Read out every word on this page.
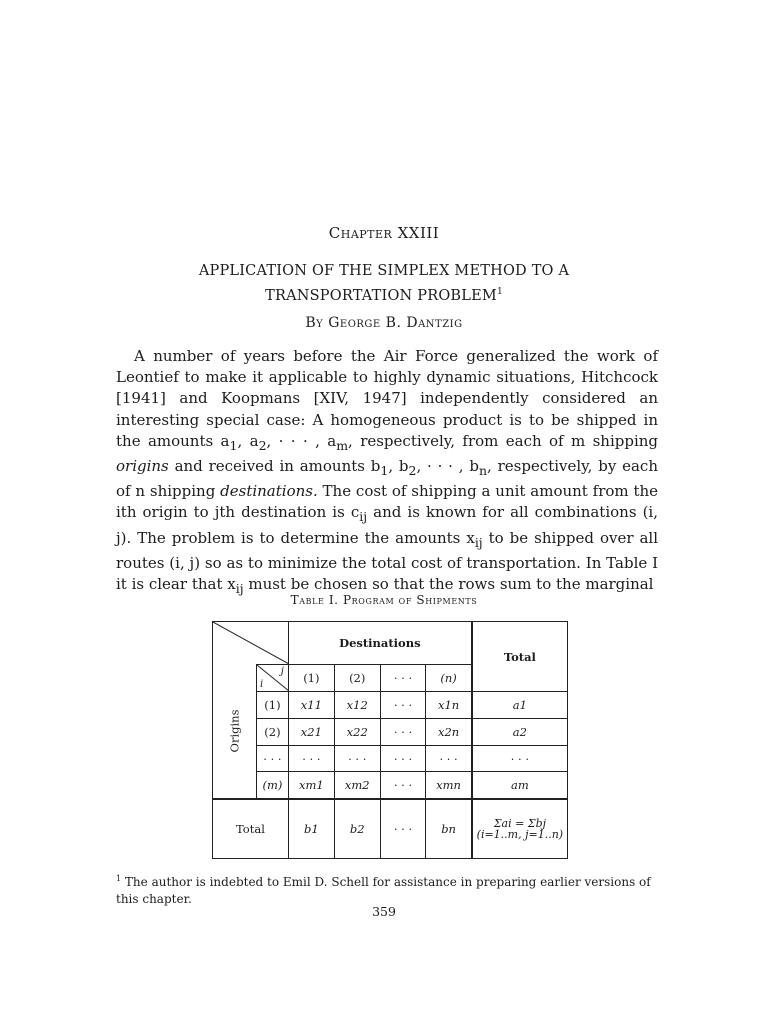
Chapter XXIII
APPLICATION OF THE SIMPLEX METHOD TO A
TRANSPORTATION PROBLEM$^1$
By George B. Dantzig

A number of years before the Air Force generalized the work of Leontief to make it applicable to highly dynamic situations, Hitchcock [1941] and Koopmans [XIV, 1947] independently considered an interesting special case: A homogeneous product is to be shipped in the amounts $a_1$, $a_2$, · · · , $a_m$, respectively, from each of m shipping origins and received in amounts $b_1$, $b_2$, · · · , $b_n$, respectively, by each of n shipping destinations. The cost of shipping a unit amount from the ith origin to jth destination is $c_{ij}$ and is known for all combinations (i, j). The problem is to determine the amounts $x_{ij}$ to be shipped over all routes (i, j) so as to minimize the total cost of transportation. In Table I it is clear that $x_{ij}$ must be chosen so that the rows sum to the marginal

Table I. Program of Shipments
	Destinations				Total
Origins	j
i	(1)	(2)	· · ·	(n)	
	(1)	x11	x12	· · ·	x1n	a1
	(2)	x21	x22	· · ·	x2n	a2
	· · ·	· · ·	· · ·	· · ·	· · ·	· · ·
	(m)	xm1	xm2	· · ·	xmn	am
Total		b1	b2	· · ·	bn	Σai = Σbj (i=1..m, j=1..n)
$^1$ The author is indebted to Emil D. Schell for assistance in preparing earlier versions of this chapter.
359
